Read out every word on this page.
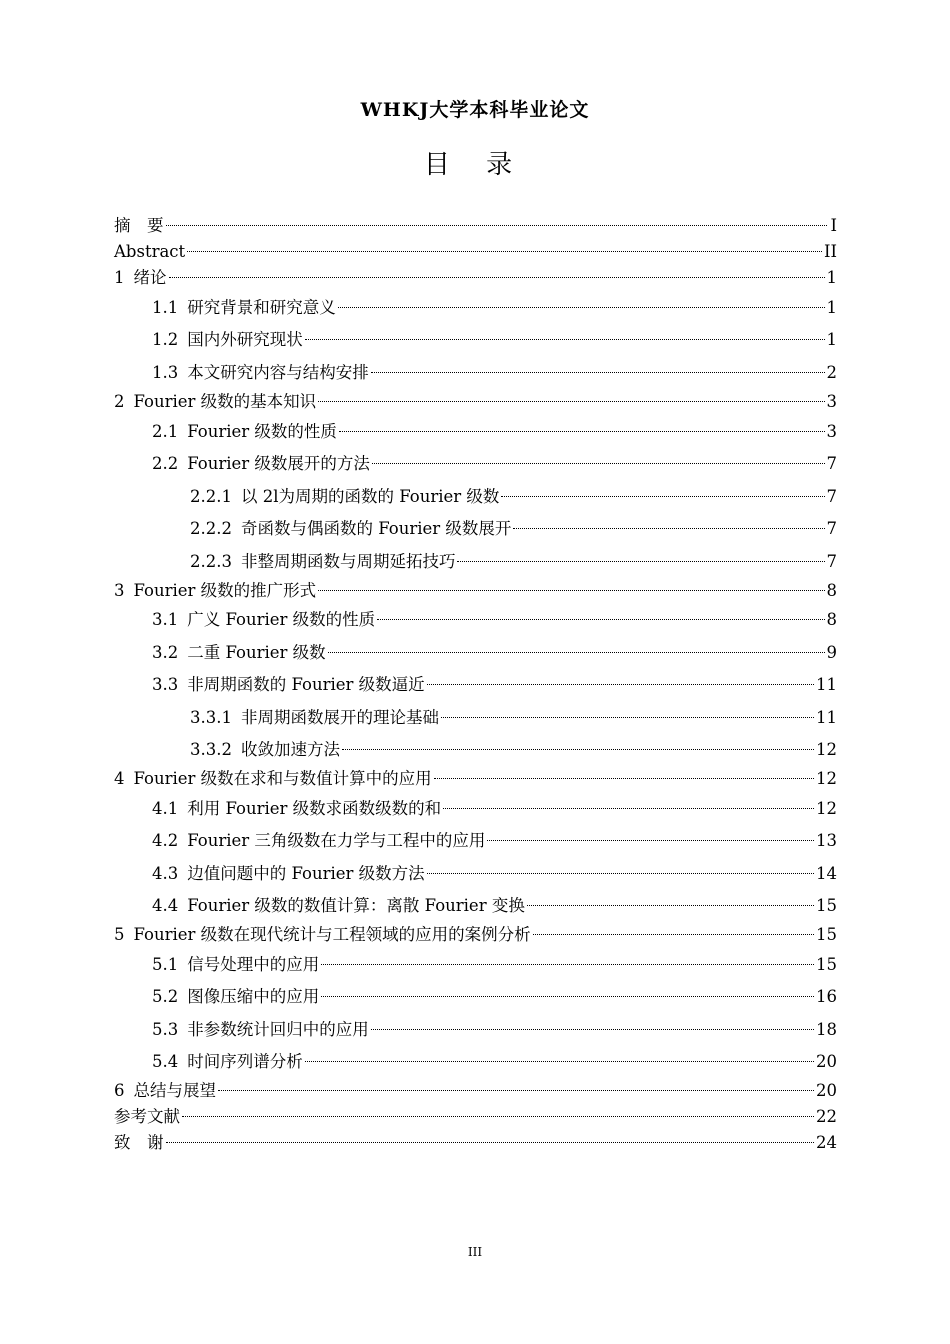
WHKJ大学本科毕业论文
目 录
摘　要	I
Abstract	II
1 绪论	1
1.1 研究背景和研究意义	1
1.2 国内外研究现状	1
1.3 本文研究内容与结构安排	2
2 Fourier 级数的基本知识	3
2.1 Fourier 级数的性质	3
2.2 Fourier 级数展开的方法	7
2.2.1 以 2l为周期的函数的 Fourier 级数	7
2.2.2 奇函数与偶函数的 Fourier 级数展开	7
2.2.3 非整周期函数与周期延拓技巧	7
3 Fourier 级数的推广形式	8
3.1 广义 Fourier 级数的性质	8
3.2 二重 Fourier 级数	9
3.3 非周期函数的 Fourier 级数逼近	11
3.3.1 非周期函数展开的理论基础	11
3.3.2 收敛加速方法	12
4 Fourier 级数在求和与数值计算中的应用	12
4.1 利用 Fourier 级数求函数级数的和	12
4.2 Fourier 三角级数在力学与工程中的应用	13
4.3 边值问题中的 Fourier 级数方法	14
4.4 Fourier 级数的数值计算：离散 Fourier 变换	15
5 Fourier 级数在现代统计与工程领域的应用的案例分析	15
5.1 信号处理中的应用	15
5.2 图像压缩中的应用	16
5.3 非参数统计回归中的应用	18
5.4 时间序列谱分析	20
6 总结与展望	20
参考文献	22
致　谢	24
III
